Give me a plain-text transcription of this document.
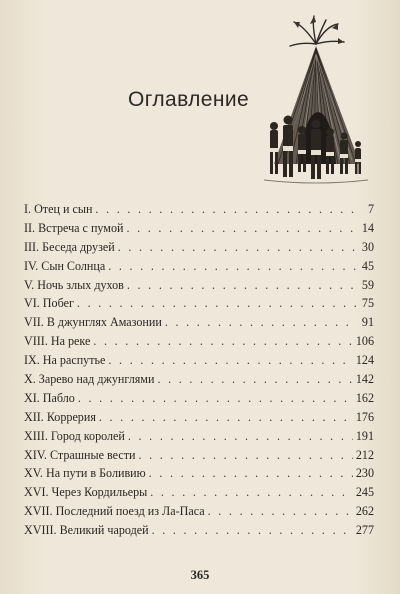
Оглавление
I. Отец и сын . . .	7
II. Встреча с пумой . . .	14
III. Беседа друзей . . .	30
IV. Сын Солнца . . .	45
V. Ночь злых духов . . .	59
VI. Побег . . .	75
VII. В джунглях Амазонии . . .	91
VIII. На реке . . .	106
IX. На распутье . . .	124
X. Зарево над джунглями . . .	142
XI. Пабло . . .	162
XII. Коррерия . . .	176
XIII. Город королей . . .	191
XIV. Страшные вести . . .	212
XV. На пути в Боливию . . .	230
XVI. Через Кордильеры . . .	245
XVII. Последний поезд из Ла-Паса . . .	262
XVIII. Великий чародей . . .	277
365
